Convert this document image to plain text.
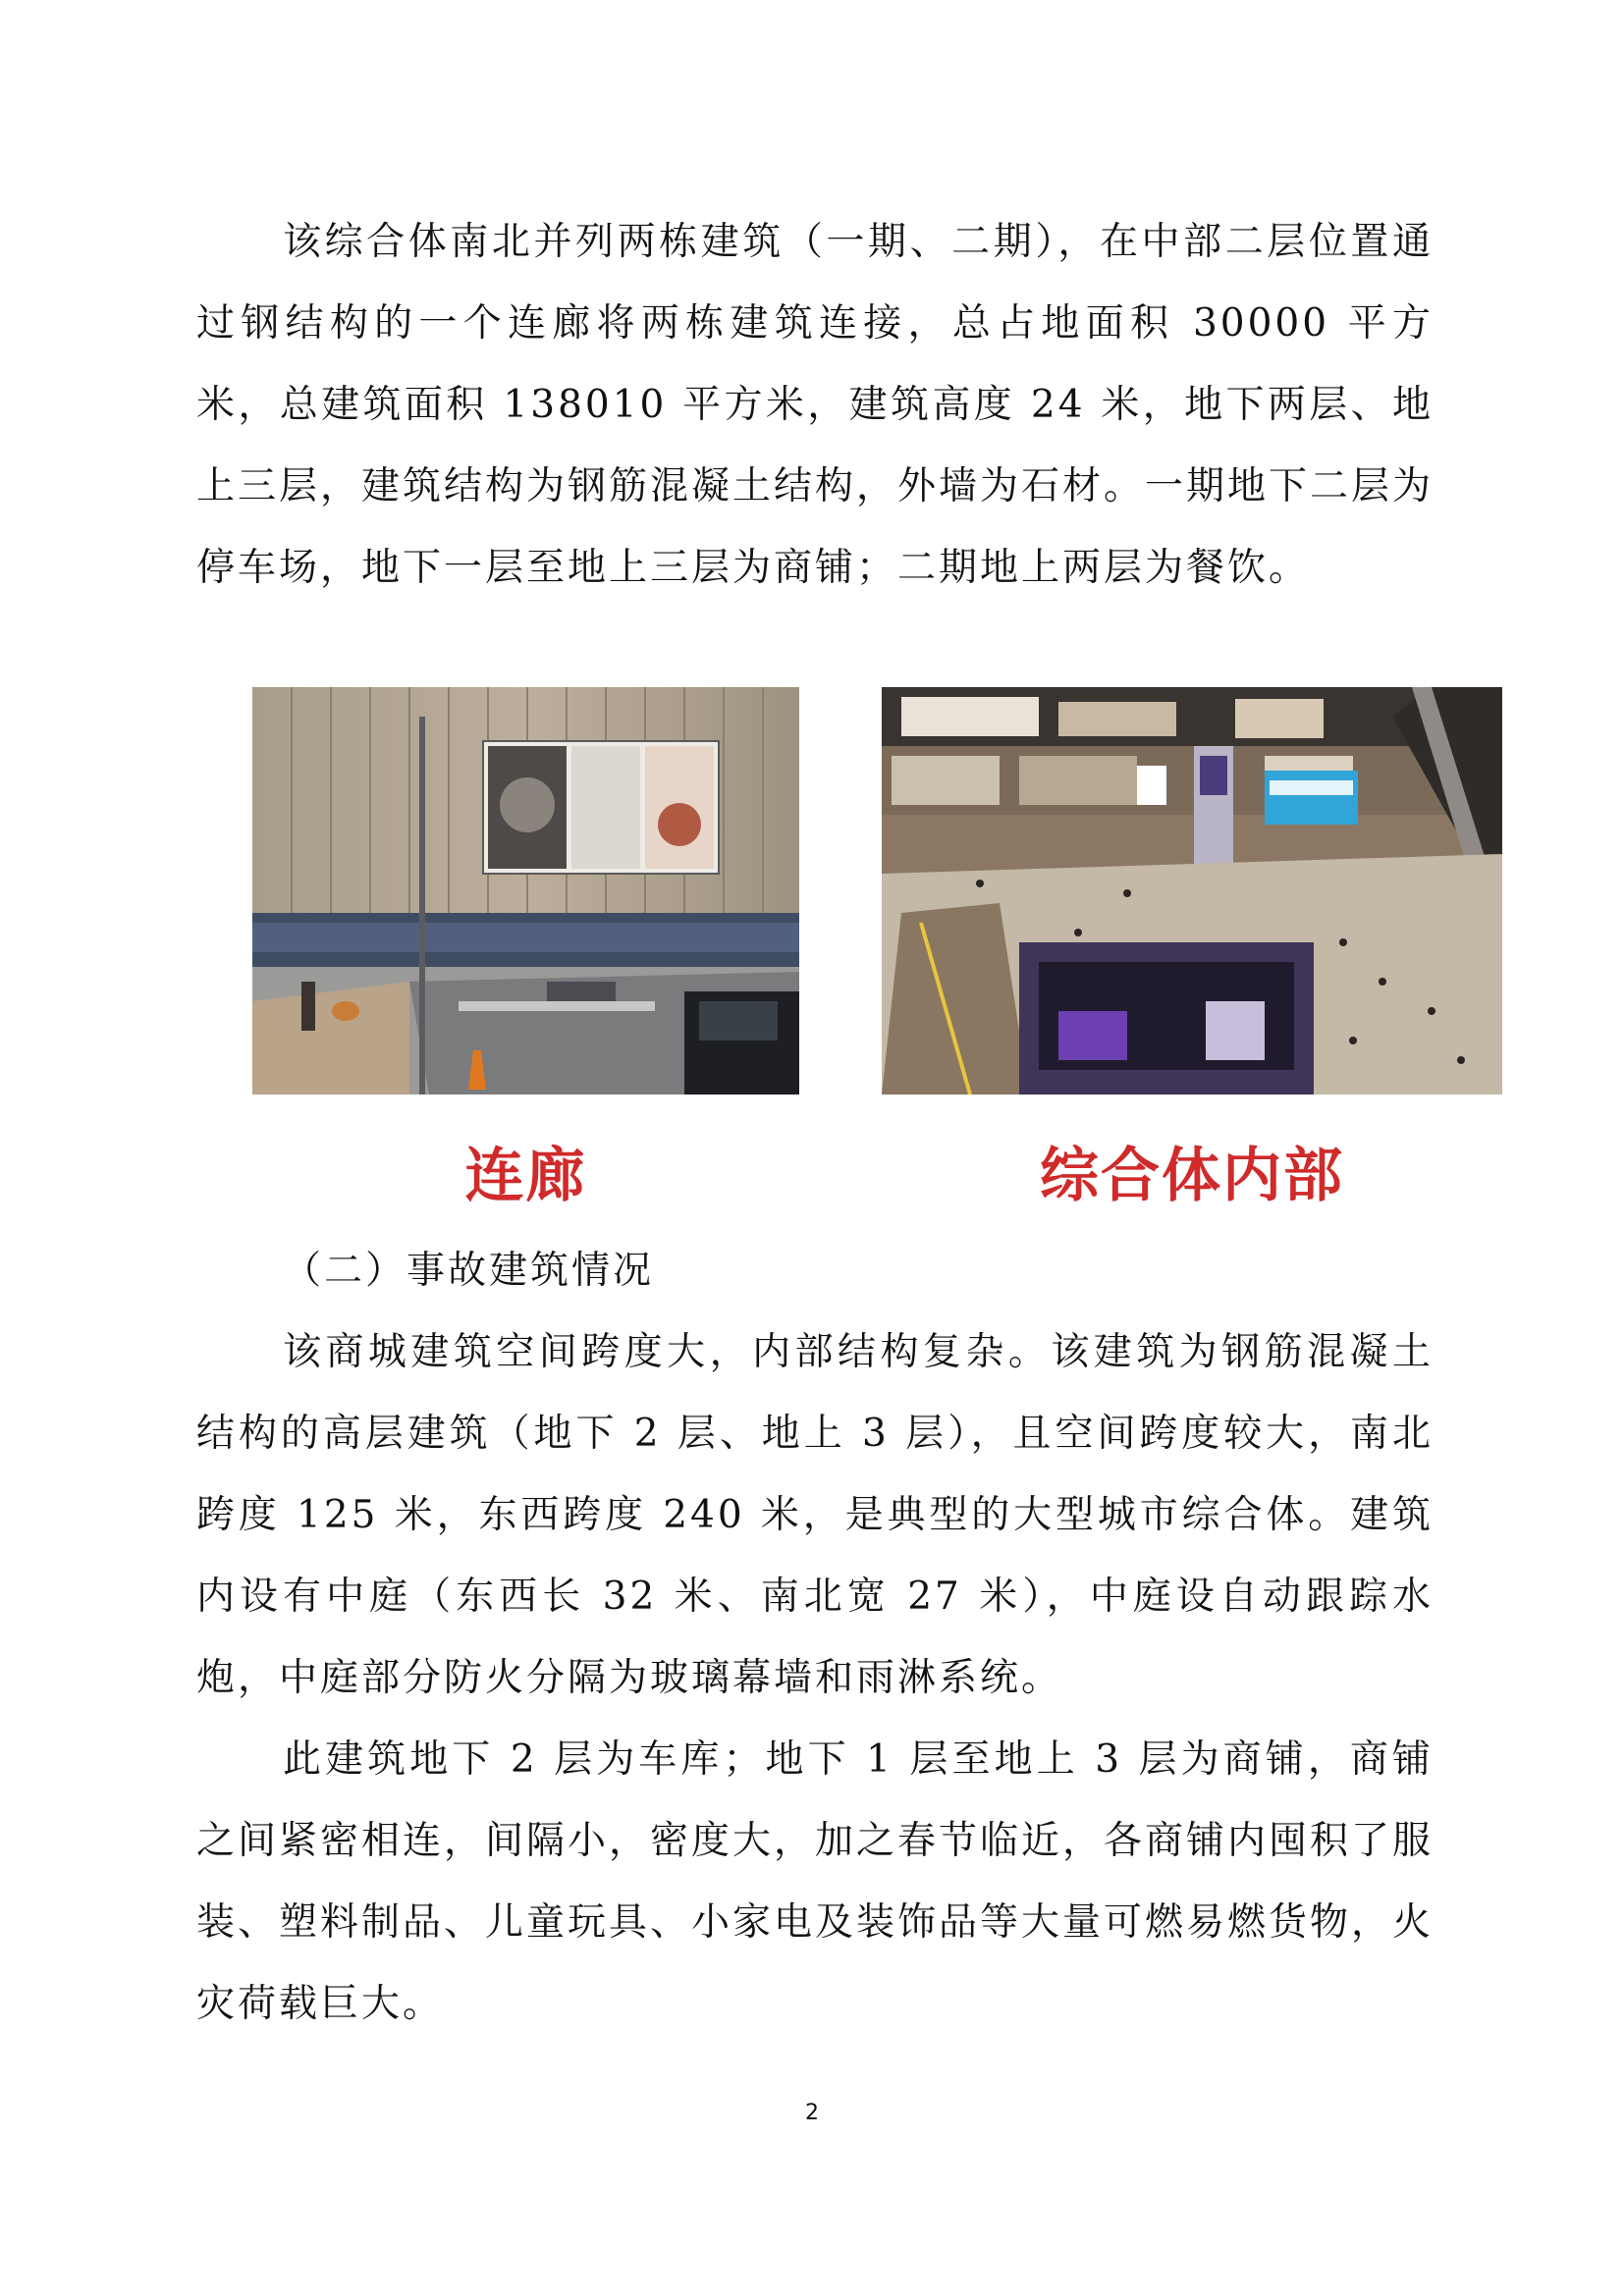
该综合体南北并列两栋建筑（一期、二期），在中部二层位置通过钢结构的一个连廊将两栋建筑连接，总占地面积 30000 平方米，总建筑面积 138010 平方米，建筑高度 24 米，地下两层、地上三层，建筑结构为钢筋混凝土结构，外墙为石材。一期地下二层为停车场，地下一层至地上三层为商铺；二期地上两层为餐饮。

连廊	综合体内部

（二）事故建筑情况

该商城建筑空间跨度大，内部结构复杂。该建筑为钢筋混凝土结构的高层建筑（地下 2 层、地上 3 层），且空间跨度较大，南北跨度 125 米，东西跨度 240 米，是典型的大型城市综合体。建筑内设有中庭（东西长 32 米、南北宽 27 米），中庭设自动跟踪水炮，中庭部分防火分隔为玻璃幕墙和雨淋系统。

此建筑地下 2 层为车库；地下 1 层至地上 3 层为商铺，商铺之间紧密相连，间隔小，密度大，加之春节临近，各商铺内囤积了服装、塑料制品、儿童玩具、小家电及装饰品等大量可燃易燃货物，火灾荷载巨大。

2
